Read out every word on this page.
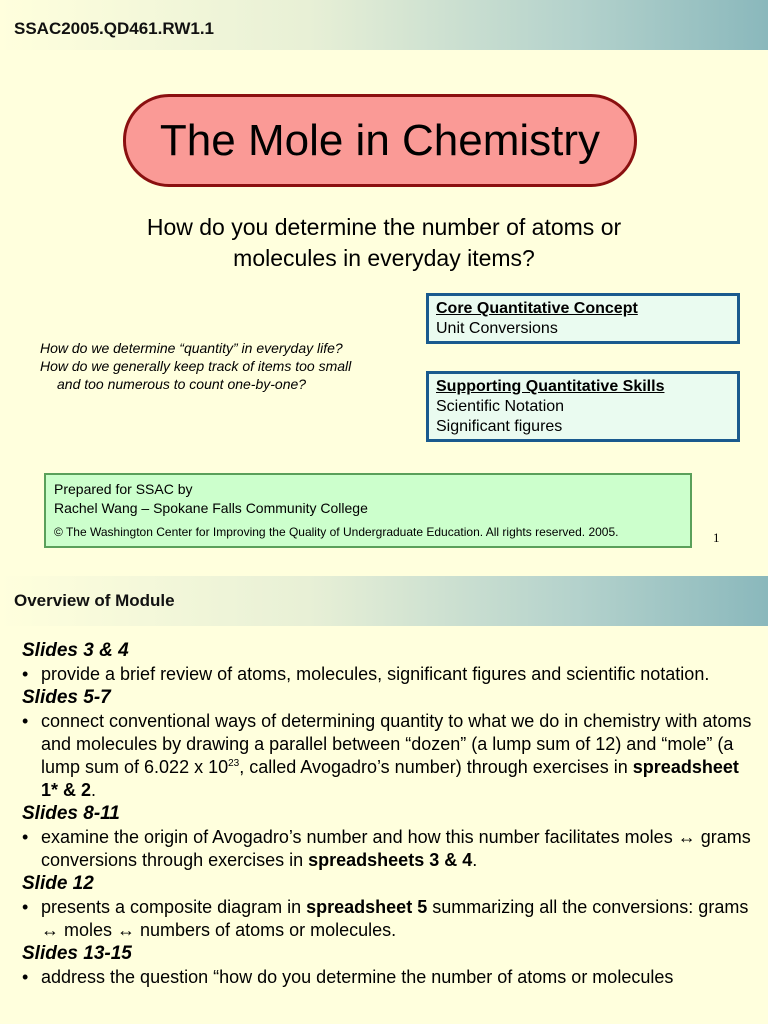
SSAC2005.QD461.RW1.1
The Mole in Chemistry
How do you determine the number of atoms or
molecules in everyday items?
How do we determine “quantity” in everyday life?
How do we generally keep track of items too small
and too numerous to count one-by-one?
Core Quantitative Concept
Unit Conversions
Supporting Quantitative Skills
Scientific Notation
Significant figures
Prepared for SSAC by
Rachel Wang – Spokane Falls Community College
© The Washington Center for Improving the Quality of Undergraduate Education. All rights reserved. 2005.	1
Overview of Module
Slides 3 & 4
• provide a brief review of atoms, molecules, significant figures and scientific notation.
Slides 5-7
• connect conventional ways of determining quantity to what we do in chemistry with atoms and molecules by drawing a parallel between “dozen” (a lump sum of 12) and “mole” (a lump sum of 6.022 x $10^{23}$, called Avogadro’s number) through exercises in spreadsheet 1* & 2.
Slides 8-11
• examine the origin of Avogadro’s number and how this number facilitates moles ↔ grams conversions through exercises in spreadsheets 3 & 4.
Slide 12
• presents a composite diagram in spreadsheet 5 summarizing all the conversions: grams ↔ moles ↔ numbers of atoms or molecules.
Slides 13-15
• address the question “how do you determine the number of atoms or molecules
